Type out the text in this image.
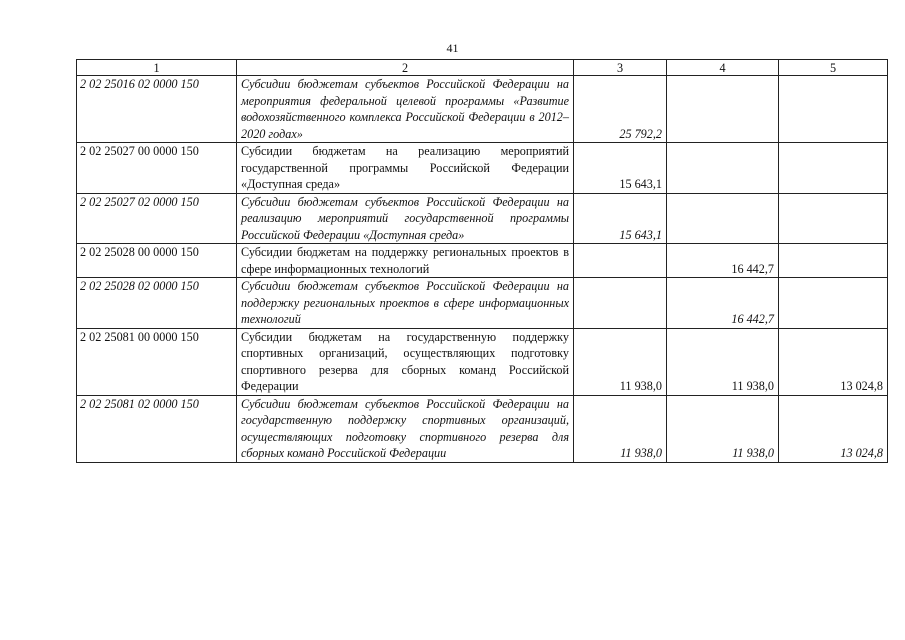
41
1	2	3	4	5
2 02 25016 02 0000 150	Субсидии бюджетам субъектов Российской Федерации на мероприятия федеральной целевой программы «Развитие водохозяйственного комплекса Российской Федерации в 2012–2020 годах»	25 792,2		
2 02 25027 00 0000 150	Субсидии бюджетам на реализацию мероприятий государственной программы Российской Федерации «Доступная среда»	15 643,1		
2 02 25027 02 0000 150	Субсидии бюджетам субъектов Российской Федерации на реализацию мероприятий государственной программы Российской Федерации «Доступная среда»	15 643,1		
2 02 25028 00 0000 150	Субсидии бюджетам на поддержку региональных проектов в сфере информационных технологий		16 442,7	
2 02 25028 02 0000 150	Субсидии бюджетам субъектов Российской Федерации на поддержку региональных проектов в сфере информационных технологий		16 442,7	
2 02 25081 00 0000 150	Субсидии бюджетам на государственную поддержку спортивных организаций, осуществляющих подготовку спортивного резерва для сборных команд Российской Федерации	11 938,0	11 938,0	13 024,8
2 02 25081 02 0000 150	Субсидии бюджетам субъектов Российской Федерации на государственную поддержку спортивных организаций, осуществляющих подготовку спортивного резерва для сборных команд Российской Федерации	11 938,0	11 938,0	13 024,8
